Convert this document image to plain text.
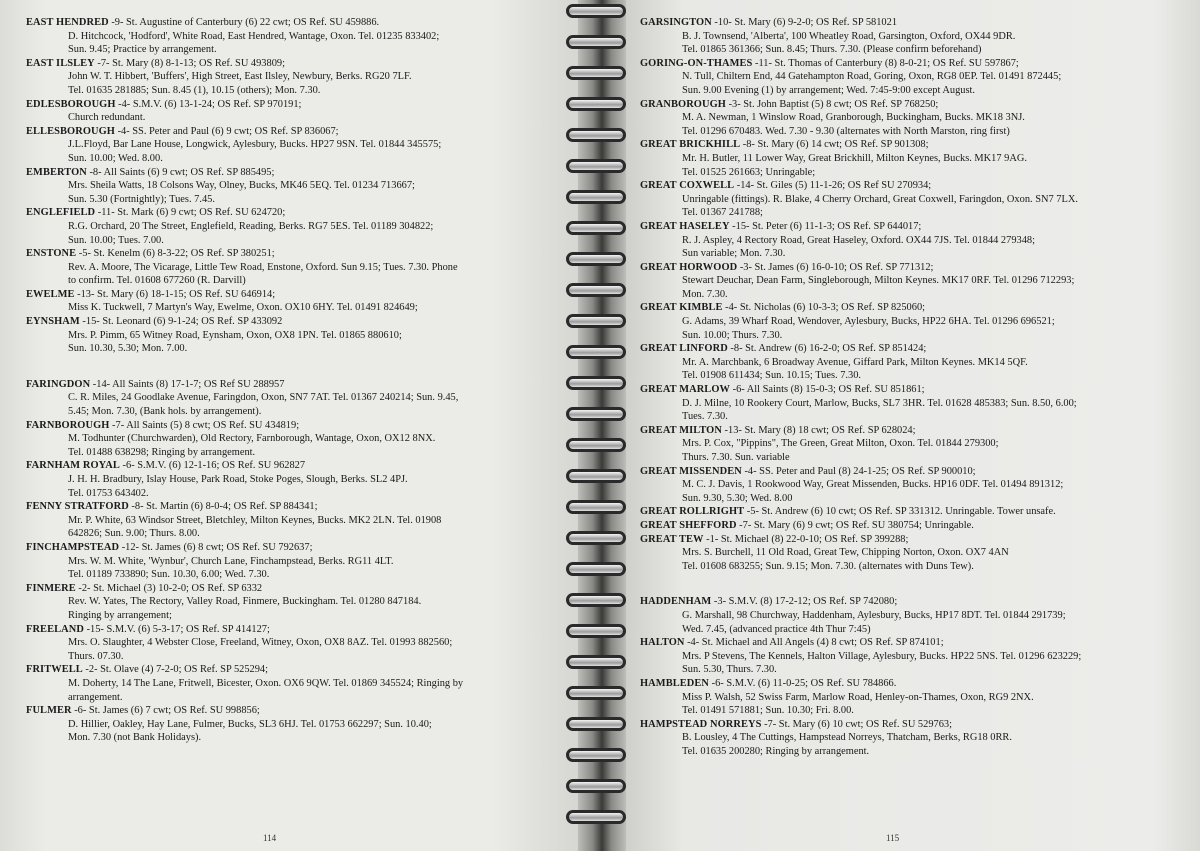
EAST HENDRED -9- St. Augustine of Canterbury (6) 22 cwt; OS Ref. SU 459886.
D. Hitchcock, 'Hodford', White Road, East Hendred, Wantage, Oxon. Tel. 01235 833402;
Sun. 9.45; Practice by arrangement.
EAST ILSLEY -7- St. Mary (8) 8-1-13; OS Ref. SU 493809;
John W. T. Hibbert, 'Buffers', High Street, East Ilsley, Newbury, Berks. RG20 7LF.
Tel. 01635 281885; Sun. 8.45 (1), 10.15 (others); Mon. 7.30.
EDLESBOROUGH -4- S.M.V. (6) 13-1-24; OS Ref. SP 970191;
Church redundant.
ELLESBOROUGH -4- SS. Peter and Paul (6) 9 cwt; OS Ref. SP 836067;
J.L.Floyd, Bar Lane House, Longwick, Aylesbury, Bucks. HP27 9SN. Tel. 01844 345575;
Sun. 10.00; Wed. 8.00.
EMBERTON -8- All Saints (6) 9 cwt; OS Ref. SP 885495;
Mrs. Sheila Watts, 18 Colsons Way, Olney, Bucks, MK46 5EQ. Tel. 01234 713667;
Sun. 5.30 (Fortnightly); Tues. 7.45.
ENGLEFIELD -11- St. Mark (6) 9 cwt; OS Ref. SU 624720;
R.G. Orchard, 20 The Street, Englefield, Reading, Berks. RG7 5ES. Tel. 01189 304822;
Sun. 10.00; Tues. 7.00.
ENSTONE -5- St. Kenelm (6) 8-3-22; OS Ref. SP 380251;
Rev. A. Moore, The Vicarage, Little Tew Road, Enstone, Oxford. Sun 9.15; Tues. 7.30. Phone
to confirm. Tel. 01608 677260 (R. Darvill)
EWELME -13- St. Mary (6) 18-1-15; OS Ref. SU 646914;
Miss K. Tuckwell, 7 Martyn's Way, Ewelme, Oxon. OX10 6HY. Tel. 01491 824649;
EYNSHAM -15- St. Leonard (6) 9-1-24; OS Ref. SP 433092
Mrs. P. Pimm, 65 Witney Road, Eynsham, Oxon, OX8 1PN. Tel. 01865 880610;
Sun. 10.30, 5.30; Mon. 7.00.
FARINGDON -14- All Saints (8) 17-1-7; OS Ref SU 288957
C. R. Miles, 24 Goodlake Avenue, Faringdon, Oxon, SN7 7AT. Tel. 01367 240214; Sun. 9.45,
5.45; Mon. 7.30, (Bank hols. by arrangement).
FARNBOROUGH -7- All Saints (5) 8 cwt; OS Ref. SU 434819;
M. Todhunter (Churchwarden), Old Rectory, Farnborough, Wantage, Oxon, OX12 8NX.
Tel. 01488 638298; Ringing by arrangement.
FARNHAM ROYAL -6- S.M.V. (6) 12-1-16; OS Ref. SU 962827
J. H. H. Bradbury, Islay House, Park Road, Stoke Poges, Slough, Berks. SL2 4PJ.
Tel. 01753 643402.
FENNY STRATFORD -8- St. Martin (6) 8-0-4; OS Ref. SP 884341;
Mr. P. White, 63 Windsor Street, Bletchley, Milton Keynes, Bucks. MK2 2LN. Tel. 01908
642826; Sun. 9.00; Thurs. 8.00.
FINCHAMPSTEAD -12- St. James (6) 8 cwt; OS Ref. SU 792637;
Mrs. W. M. White, 'Wynbur', Church Lane, Finchampstead, Berks. RG11 4LT.
Tel. 01189 733890; Sun. 10.30, 6.00; Wed. 7.30.
FINMERE -2- St. Michael (3) 10-2-0; OS Ref. SP 6332
Rev. W. Yates, The Rectory, Valley Road, Finmere, Buckingham. Tel. 01280 847184.
Ringing by arrangement;
FREELAND -15- S.M.V. (6) 5-3-17; OS Ref. SP 414127;
Mrs. O. Slaughter, 4 Webster Close, Freeland, Witney, Oxon, OX8 8AZ. Tel. 01993 882560;
Thurs. 07.30.
FRITWELL -2- St. Olave (4) 7-2-0; OS Ref. SP 525294;
M. Doherty, 14 The Lane, Fritwell, Bicester, Oxon. OX6 9QW. Tel. 01869 345524; Ringing by
arrangement.
FULMER -6- St. James (6) 7 cwt; OS Ref. SU 998856;
D. Hillier, Oakley, Hay Lane, Fulmer, Bucks, SL3 6HJ. Tel. 01753 662297; Sun. 10.40;
Mon. 7.30 (not Bank Holidays).
114
GARSINGTON -10- St. Mary (6) 9-2-0; OS Ref. SP 581021
B. J. Townsend, 'Alberta', 100 Wheatley Road, Garsington, Oxford, OX44 9DR.
Tel. 01865 361366; Sun. 8.45; Thurs. 7.30. (Please confirm beforehand)
GORING-ON-THAMES -11- St. Thomas of Canterbury (8) 8-0-21; OS Ref. SU 597867;
N. Tull, Chiltern End, 44 Gatehampton Road, Goring, Oxon, RG8 0EP. Tel. 01491 872445;
Sun. 9.00 Evening (1) by arrangement; Wed. 7:45-9:00 except August.
GRANBOROUGH -3- St. John Baptist (5) 8 cwt; OS Ref. SP 768250;
M. A. Newman, 1 Winslow Road, Granborough, Buckingham, Bucks. MK18 3NJ.
Tel. 01296 670483. Wed. 7.30 - 9.30 (alternates with North Marston, ring first)
GREAT BRICKHILL -8- St. Mary (6) 14 cwt; OS Ref. SP 901308;
Mr. H. Butler, 11 Lower Way, Great Brickhill, Milton Keynes, Bucks. MK17 9AG.
Tel. 01525 261663; Unringable;
GREAT COXWELL -14- St. Giles (5) 11-1-26; OS Ref SU 270934;
Unringable (fittings). R. Blake, 4 Cherry Orchard, Great Coxwell, Faringdon, Oxon. SN7 7LX.
Tel. 01367 241788;
GREAT HASELEY -15- St. Peter (6) 11-1-3; OS Ref. SP 644017;
R. J. Aspley, 4 Rectory Road, Great Haseley, Oxford. OX44 7JS. Tel. 01844 279348;
Sun variable; Mon. 7.30.
GREAT HORWOOD -3- St. James (6) 16-0-10; OS Ref. SP 771312;
Stewart Deuchar, Dean Farm, Singleborough, Milton Keynes. MK17 0RF. Tel. 01296 712293;
Mon. 7.30.
GREAT KIMBLE -4- St. Nicholas (6) 10-3-3; OS Ref. SP 825060;
G. Adams, 39 Wharf Road, Wendover, Aylesbury, Bucks, HP22 6HA. Tel. 01296 696521;
Sun. 10.00; Thurs. 7.30.
GREAT LINFORD -8- St. Andrew (6) 16-2-0; OS Ref. SP 851424;
Mr. A. Marchbank, 6 Broadway Avenue, Giffard Park, Milton Keynes. MK14 5QF.
Tel. 01908 611434; Sun. 10.15; Tues. 7.30.
GREAT MARLOW -6- All Saints (8) 15-0-3; OS Ref. SU 851861;
D. J. Milne, 10 Rookery Court, Marlow, Bucks, SL7 3HR. Tel. 01628 485383; Sun. 8.50, 6.00;
Tues. 7.30.
GREAT MILTON -13- St. Mary (8) 18 cwt; OS Ref. SP 628024;
Mrs. P. Cox, "Pippins", The Green, Great Milton, Oxon. Tel. 01844 279300;
Thurs. 7.30. Sun. variable
GREAT MISSENDEN -4- SS. Peter and Paul (8) 24-1-25; OS Ref. SP 900010;
M. C. J. Davis, 1 Rookwood Way, Great Missenden, Bucks. HP16 0DF. Tel. 01494 891312;
Sun. 9.30, 5.30; Wed. 8.00
GREAT ROLLRIGHT -5- St. Andrew (6) 10 cwt; OS Ref. SP 331312. Unringable. Tower unsafe.
GREAT SHEFFORD -7- St. Mary (6) 9 cwt; OS Ref. SU 380754; Unringable.
GREAT TEW -1- St. Michael (8) 22-0-10; OS Ref. SP 399288;
Mrs. S. Burchell, 11 Old Road, Great Tew, Chipping Norton, Oxon. OX7 4AN
Tel. 01608 683255; Sun. 9.15; Mon. 7.30. (alternates with Duns Tew).
HADDENHAM -3- S.M.V. (8) 17-2-12; OS Ref. SP 742080;
G. Marshall, 98 Churchway, Haddenham, Aylesbury, Bucks, HP17 8DT. Tel. 01844 291739;
Wed. 7.45, (advanced practice 4th Thur 7:45)
HALTON -4- St. Michael and All Angels (4) 8 cwt; OS Ref. SP 874101;
Mrs. P Stevens, The Kennels, Halton Village, Aylesbury, Bucks. HP22 5NS. Tel. 01296 623229;
Sun. 5.30, Thurs. 7.30.
HAMBLEDEN -6- S.M.V. (6) 11-0-25; OS Ref. SU 784866.
Miss P. Walsh, 52 Swiss Farm, Marlow Road, Henley-on-Thames, Oxon, RG9 2NX.
Tel. 01491 571881; Sun. 10.30; Fri. 8.00.
HAMPSTEAD NORREYS -7- St. Mary (6) 10 cwt; OS Ref. SU 529763;
B. Lousley, 4 The Cuttings, Hampstead Norreys, Thatcham, Berks, RG18 0RR.
Tel. 01635 200280; Ringing by arrangement.
115
